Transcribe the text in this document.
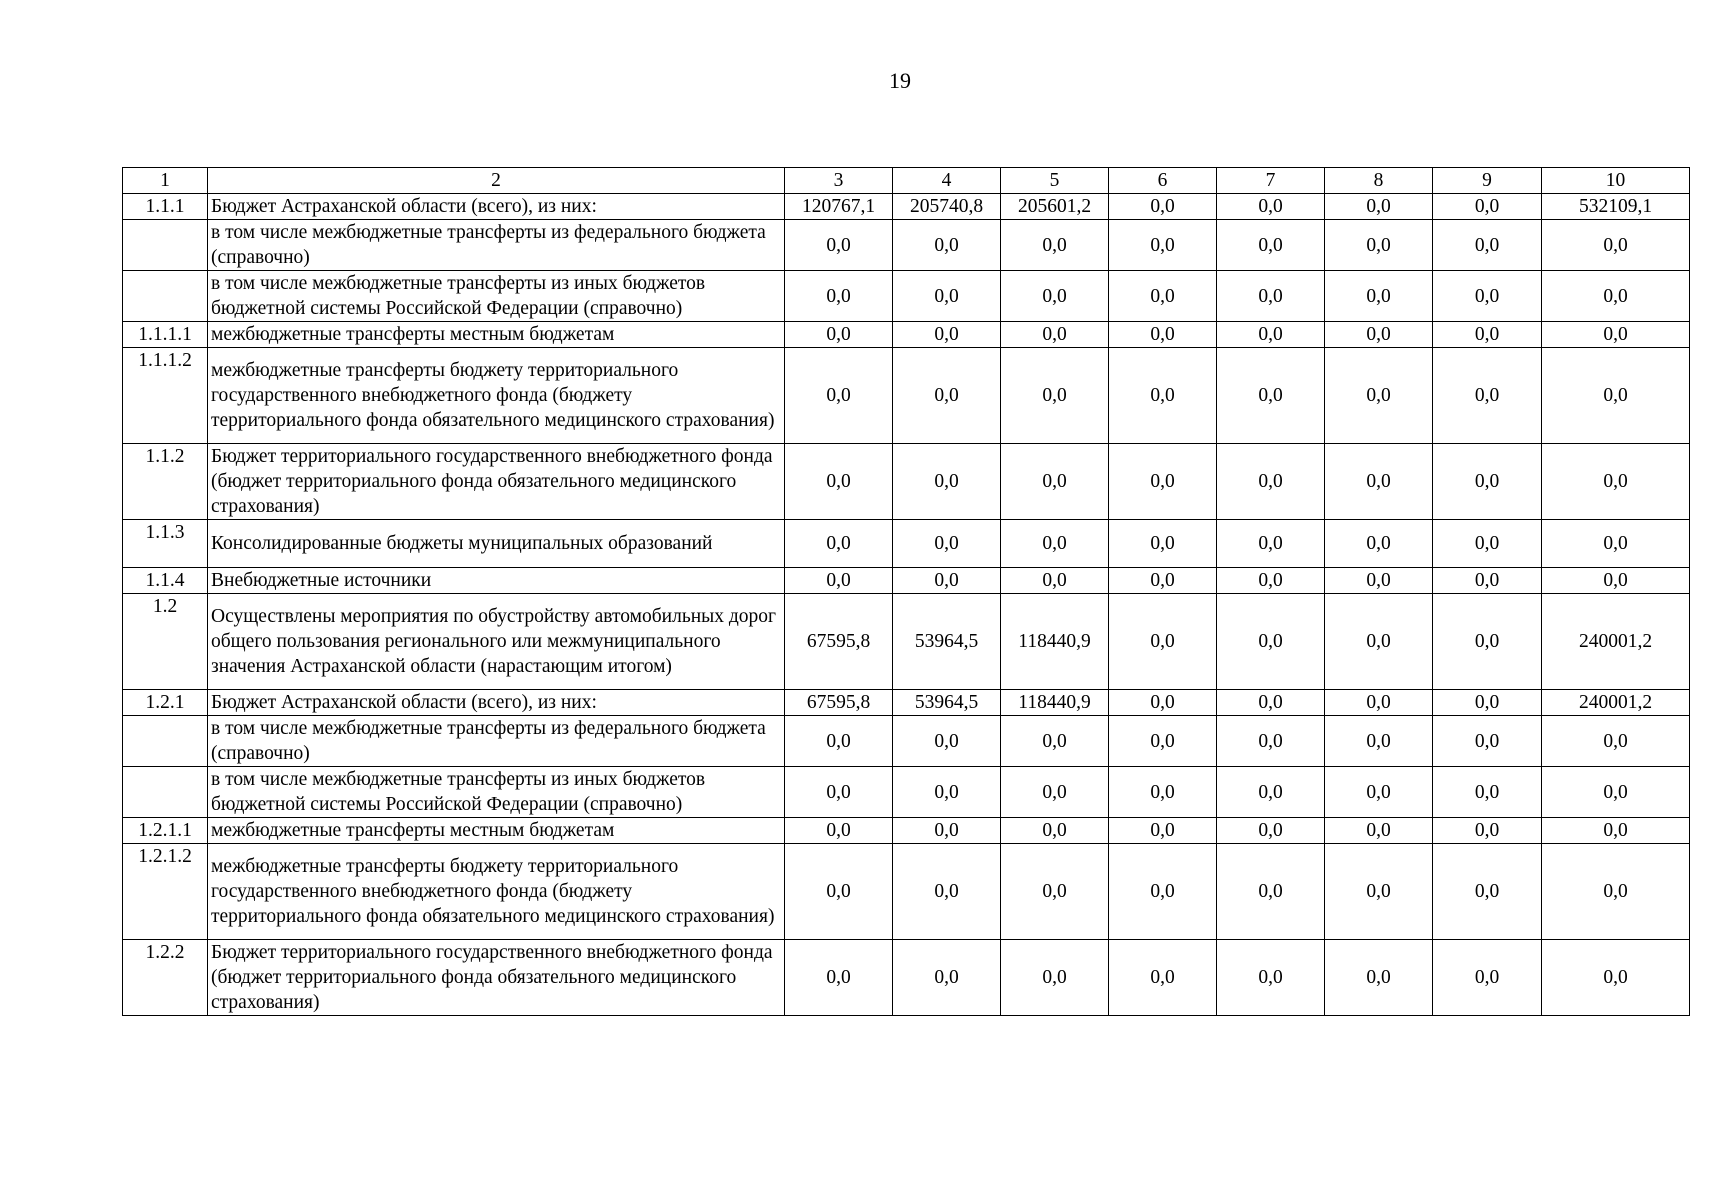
19
1	2	3	4	5	6	7	8	9	10
1.1.1	Бюджет Астраханской области (всего), из них:	120767,1	205740,8	205601,2	0,0	0,0	0,0	0,0	532109,1
	в том числе межбюджетные трансферты из федерального бюджета (справочно)	0,0	0,0	0,0	0,0	0,0	0,0	0,0	0,0
	в том числе межбюджетные трансферты из иных бюджетов бюджетной системы Российской Федерации (справочно)	0,0	0,0	0,0	0,0	0,0	0,0	0,0	0,0
1.1.1.1	межбюджетные трансферты местным бюджетам	0,0	0,0	0,0	0,0	0,0	0,0	0,0	0,0
1.1.1.2	межбюджетные трансферты бюджету территориального государственного внебюджетного фонда (бюджету территориального фонда обязательного медицинского страхования)	0,0	0,0	0,0	0,0	0,0	0,0	0,0	0,0
1.1.2	Бюджет территориального государственного внебюджетного фонда (бюджет территориального фонда обязательного медицинского страхования)	0,0	0,0	0,0	0,0	0,0	0,0	0,0	0,0
1.1.3	Консолидированные бюджеты муниципальных образований	0,0	0,0	0,0	0,0	0,0	0,0	0,0	0,0
1.1.4	Внебюджетные источники	0,0	0,0	0,0	0,0	0,0	0,0	0,0	0,0
1.2	Осуществлены мероприятия по обустройству автомобильных дорог общего пользования регионального или межмуниципального значения Астраханской области (нарастающим итогом)	67595,8	53964,5	118440,9	0,0	0,0	0,0	0,0	240001,2
1.2.1	Бюджет Астраханской области (всего), из них:	67595,8	53964,5	118440,9	0,0	0,0	0,0	0,0	240001,2
	в том числе межбюджетные трансферты из федерального бюджета (справочно)	0,0	0,0	0,0	0,0	0,0	0,0	0,0	0,0
	в том числе межбюджетные трансферты из иных бюджетов бюджетной системы Российской Федерации (справочно)	0,0	0,0	0,0	0,0	0,0	0,0	0,0	0,0
1.2.1.1	межбюджетные трансферты местным бюджетам	0,0	0,0	0,0	0,0	0,0	0,0	0,0	0,0
1.2.1.2	межбюджетные трансферты бюджету территориального государственного внебюджетного фонда (бюджету территориального фонда обязательного медицинского страхования)	0,0	0,0	0,0	0,0	0,0	0,0	0,0	0,0
1.2.2	Бюджет территориального государственного внебюджетного фонда (бюджет территориального фонда обязательного медицинского страхования)	0,0	0,0	0,0	0,0	0,0	0,0	0,0	0,0
